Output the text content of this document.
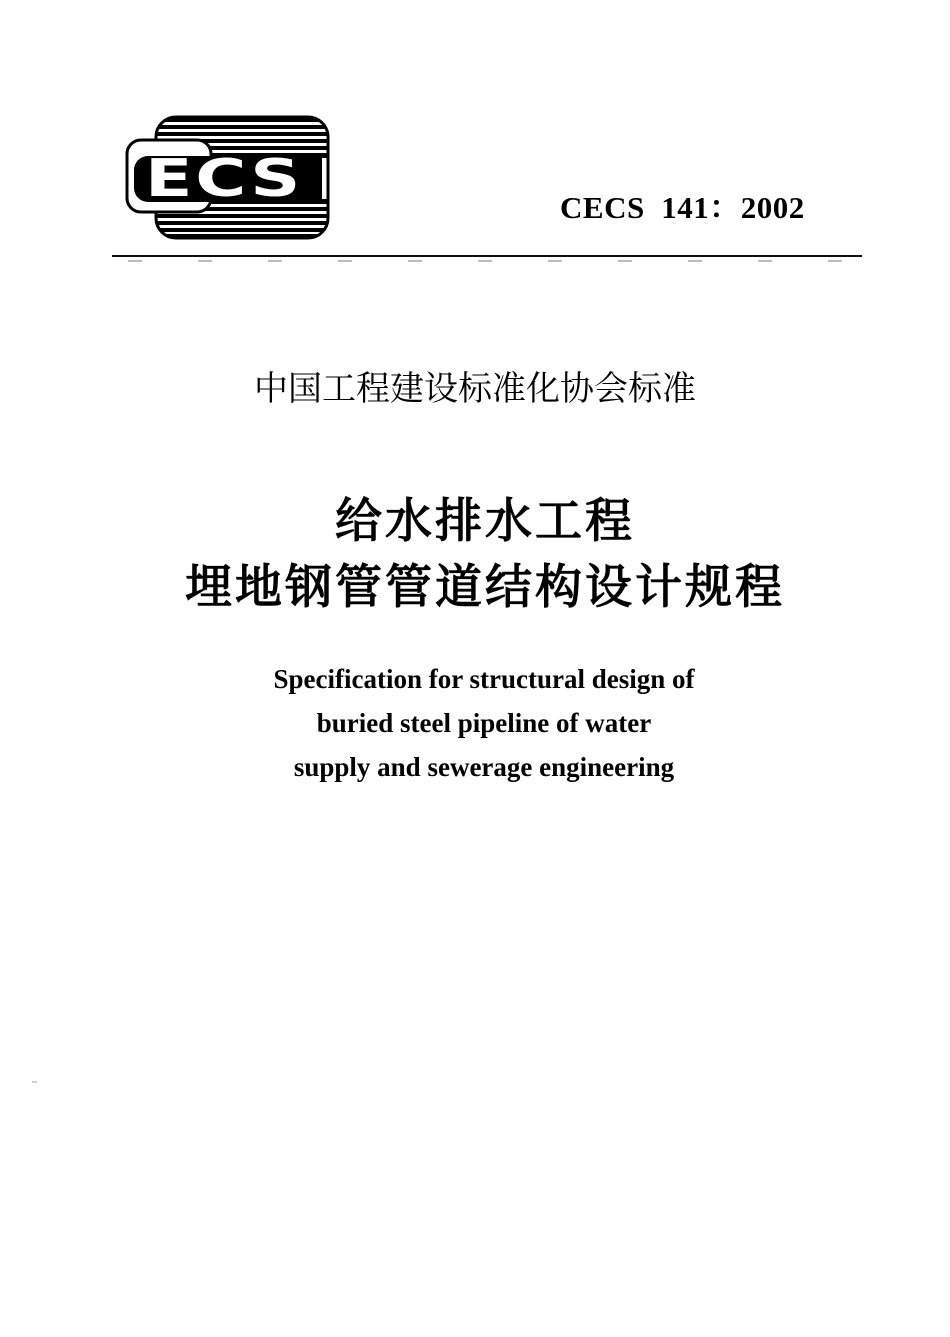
ECS	CECS  141：2002
中国工程建设标准化协会标准
给水排水工程
埋地钢管管道结构设计规程
Specification for structural design of
buried steel pipeline of water
supply and sewerage engineering
